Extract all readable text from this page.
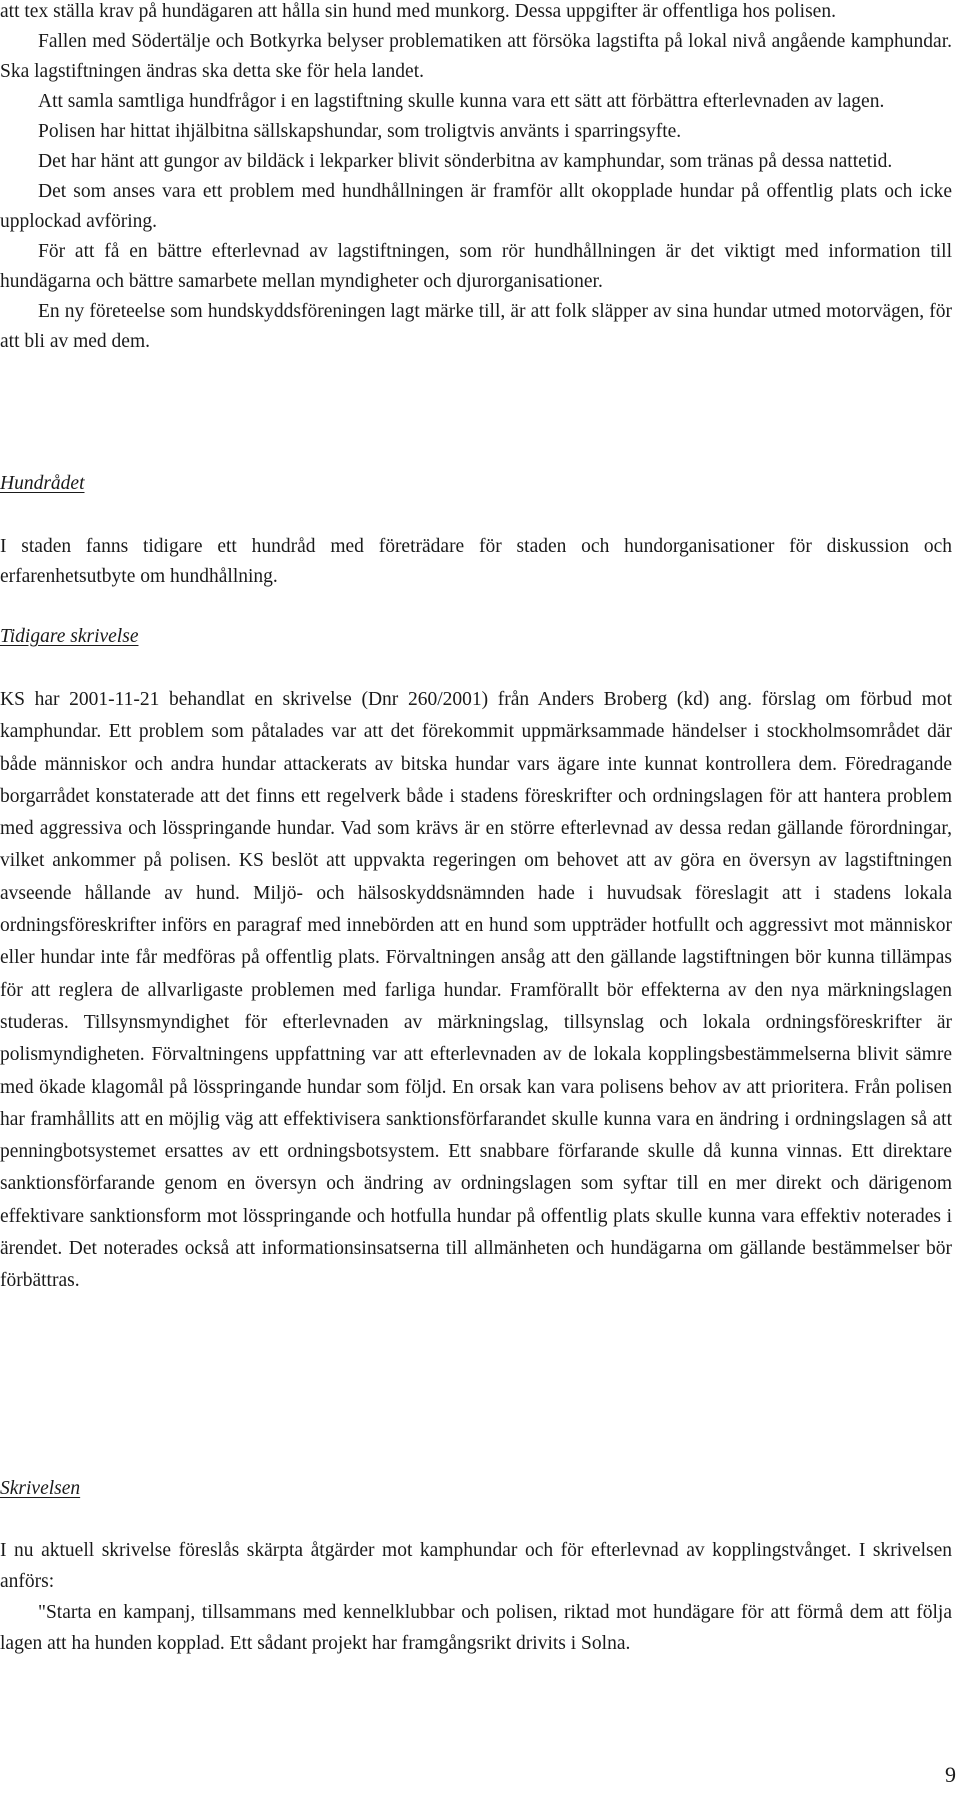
att tex ställa krav på hundägaren att hålla sin hund med munkorg. Dessa uppgifter är offentliga hos polisen.

Fallen med Södertälje och Botkyrka belyser problematiken att försöka lagstifta på lokal nivå angående kamphundar. Ska lagstiftningen ändras ska detta ske för hela landet.

Att samla samtliga hundfrågor i en lagstiftning skulle kunna vara ett sätt att förbättra efterlevnaden av lagen.

Polisen har hittat ihjälbitna sällskapshundar, som troligtvis använts i sparringsyfte.

Det har hänt att gungor av bildäck i lekparker blivit sönderbitna av kamphundar, som tränas på dessa nattetid.

Det som anses vara ett problem med hundhållningen är framför allt okopplade hundar på offentlig plats och icke upplockad avföring.

För att få en bättre efterlevnad av lagstiftningen, som rör hundhållningen är det viktigt med information till hundägarna och bättre samarbete mellan myndigheter och djurorganisationer.

En ny företeelse som hundskyddsföreningen lagt märke till, är att folk släpper av sina hundar utmed motorvägen, för att bli av med dem.

Hundrådet

I staden fanns tidigare ett hundråd med företrädare för staden och hundorganisationer för diskussion och erfarenhetsutbyte om hundhållning.

Tidigare skrivelse

KS har 2001-11-21 behandlat en skrivelse (Dnr 260/2001) från Anders Broberg (kd) ang. förslag om förbud mot kamphundar. Ett problem som påtalades var att det förekommit uppmärksammade händelser i stockholmsområdet där både människor och andra hundar attackerats av bitska hundar vars ägare inte kunnat kontrollera dem. Föredragande borgarrådet konstaterade att det finns ett regelverk både i stadens föreskrifter och ordningslagen för att hantera problem med aggressiva och lösspringande hundar. Vad som krävs är en större efterlevnad av dessa redan gällande förordningar, vilket ankommer på polisen. KS beslöt att uppvakta regeringen om behovet att av göra en översyn av lagstiftningen avseende hållande av hund. Miljö- och hälsoskyddsnämnden hade i huvudsak föreslagit att i stadens lokala ordningsföreskrifter införs en paragraf med innebörden att en hund som uppträder hotfullt och aggressivt mot människor eller hundar inte får medföras på offentlig plats. Förvaltningen ansåg att den gällande lagstiftningen bör kunna tillämpas för att reglera de allvarligaste problemen med farliga hundar. Framförallt bör effekterna av den nya märkningslagen studeras. Tillsynsmyndighet för efterlevnaden av märkningslag, tillsynslag och lokala ordningsföreskrifter är polismyndigheten. Förvaltningens uppfattning var att efterlevnaden av de lokala kopplingsbestämmelserna blivit sämre med ökade klagomål på lösspringande hundar som följd. En orsak kan vara polisens behov av att prioritera. Från polisen har framhållits att en möjlig väg att effektivisera sanktionsförfarandet skulle kunna vara en ändring i ordningslagen så att penningbotsystemet ersattes av ett ordningsbotsystem. Ett snabbare förfarande skulle då kunna vinnas. Ett direktare sanktionsförfarande genom en översyn och ändring av ordningslagen som syftar till en mer direkt och därigenom effektivare sanktionsform mot lösspringande och hotfulla hundar på offentlig plats skulle kunna vara effektiv noterades i ärendet. Det noterades också att informationsinsatserna till allmänheten och hundägarna om gällande bestämmelser bör förbättras.

Skrivelsen

I nu aktuell skrivelse föreslås skärpta åtgärder mot kamphundar och för efterlevnad av kopplingstvånget. I skrivelsen anförs:

"Starta en kampanj, tillsammans med kennelklubbar och polisen, riktad mot hundägare för att förmå dem att följa lagen att ha hunden kopplad. Ett sådant projekt har framgångsrikt drivits i Solna.

9
